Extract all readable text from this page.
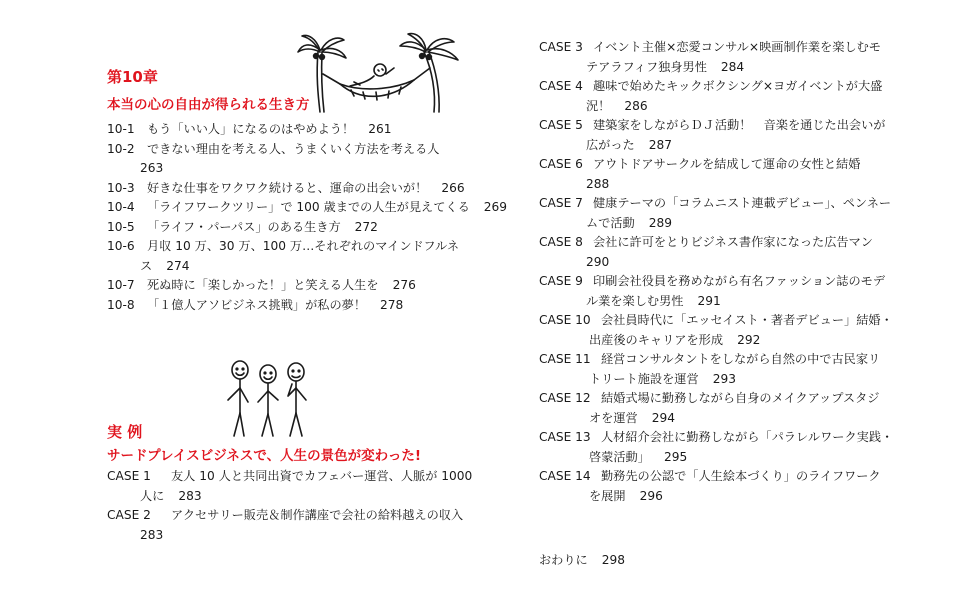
第10章
本当の心の自由が得られる生き方
10-1 もう「いい人」になるのはやめよう！ 261
10-2 できない理由を考える人、うまくいく方法を考える人
263
10-3 好きな仕事をワクワク続けると、運命の出会いが！ 266
10-4 「ライフワークツリー」で 100 歳までの人生が見えてくる 269
10-5 「ライフ・パーパス」のある生き方 272
10-6 月収 10 万、30 万、100 万…それぞれのマインドフルネ
ス 274
10-7 死ぬ時に「楽しかった！」と笑える人生を 276
10-8 「１億人アソビジネス挑戦」が私の夢！ 278
実 例
サードプレイスビジネスで、人生の景色が変わった!
CASE 1 友人 10 人と共同出資でカフェバー運営、人脈が 1000
人に 283
CASE 2 アクセサリー販売＆制作講座で会社の給料越えの収入
283
CASE 3 イベント主催×恋愛コンサル×映画制作業を楽しむモ
テアラフィフ独身男性 284
CASE 4 趣味で始めたキックボクシング×ヨガイベントが大盛
況！ 286
CASE 5 建築家をしながらＤＪ活動！　音楽を通じた出会いが
広がった 287
CASE 6 アウトドアサークルを結成して運命の女性と結婚
288
CASE 7 健康テーマの「コラムニスト連載デビュー」、ペンネー
ムで活動 289
CASE 8 会社に許可をとりビジネス書作家になった広告マン
290
CASE 9 印刷会社役員を務めながら有名ファッション誌のモデ
ル業を楽しむ男性 291
CASE 10 会社員時代に「エッセイスト・著者デビュー」結婚・
出産後のキャリアを形成 292
CASE 11 経営コンサルタントをしながら自然の中で古民家リ
トリート施設を運営 293
CASE 12 結婚式場に勤務しながら自身のメイクアップスタジ
オを運営 294
CASE 13 人材紹介会社に勤務しながら「パラレルワーク実践・
啓蒙活動」 295
CASE 14 勤務先の公認で「人生絵本づくり」のライフワーク
を展開 296
おわりに 298
